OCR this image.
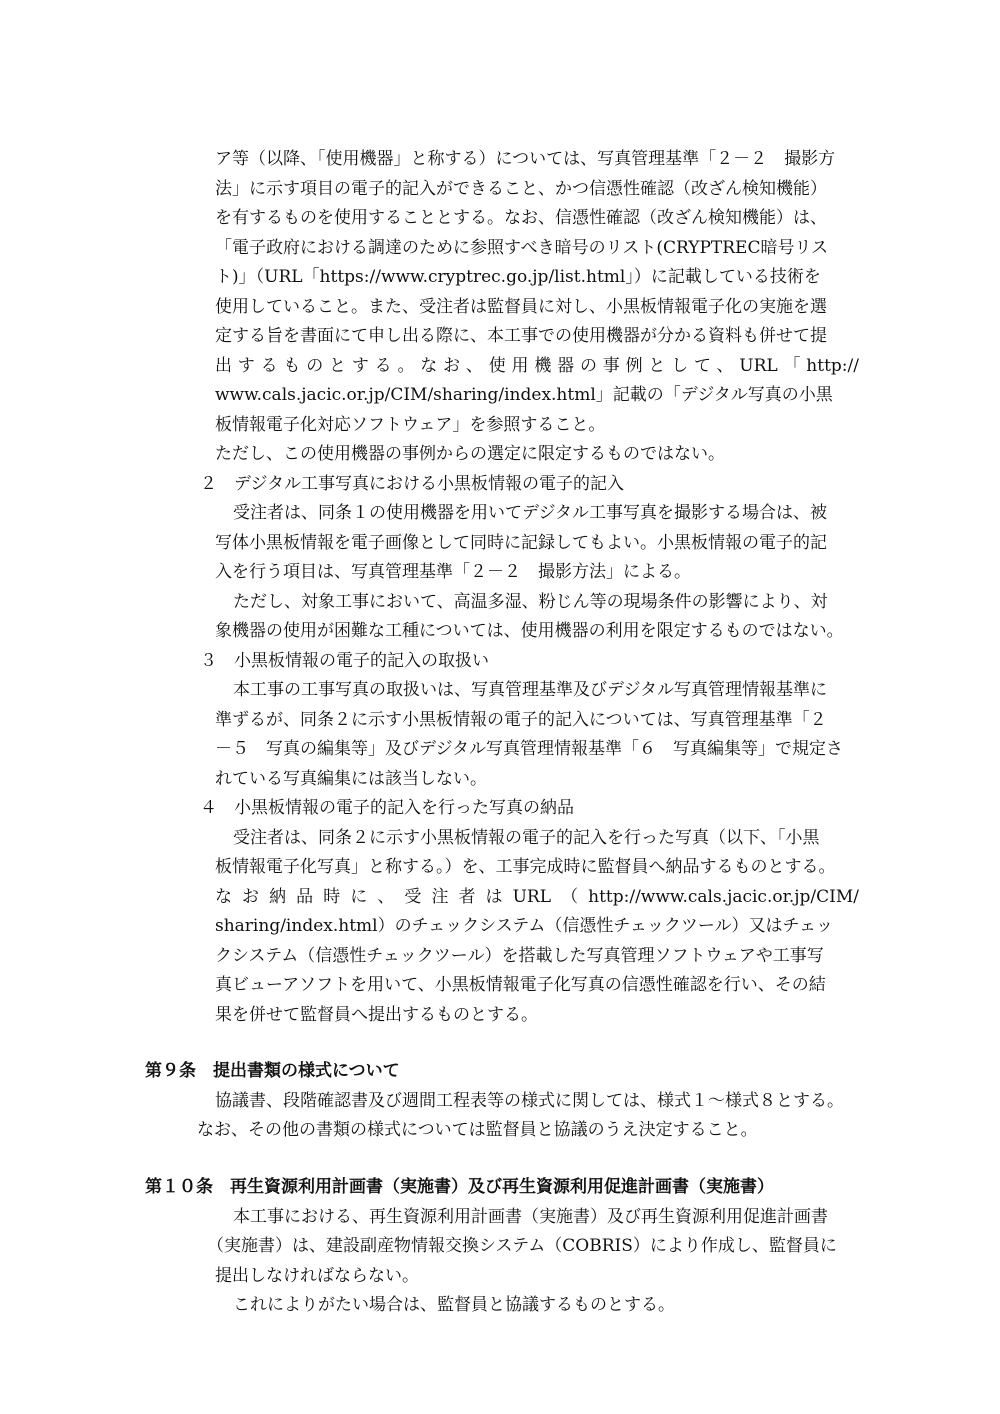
ア等（以降、「使用機器」と称する）については、写真管理基準「２－２　撮影方
法」に示す項目の電子的記入ができること、かつ信憑性確認（改ざん検知機能）
を有するものを使用することとする。なお、信憑性確認（改ざん検知機能）は、
「電子政府における調達のために参照すべき暗号のリスト(CRYPTREC暗号リス
ト)」（URL「https://www.cryptrec.go.jp/list.html」）に記載している技術を
使用していること。また、受注者は監督員に対し、小黒板情報電子化の実施を選
定する旨を書面にて申し出る際に、本工事での使用機器が分かる資料も併せて提
出するものとする。なお、使用機器の事例として、URL「http://
www.cals.jacic.or.jp/CIM/sharing/index.html」記載の「デジタル写真の小黒
板情報電子化対応ソフトウェア」を参照すること。
ただし、この使用機器の事例からの選定に限定するものではない。
２　デジタル工事写真における小黒板情報の電子的記入
受注者は、同条１の使用機器を用いてデジタル工事写真を撮影する場合は、被
写体小黒板情報を電子画像として同時に記録してもよい。小黒板情報の電子的記
入を行う項目は、写真管理基準「２－２　撮影方法」による。
ただし、対象工事において、高温多湿、粉じん等の現場条件の影響により、対
象機器の使用が困難な工種については、使用機器の利用を限定するものではない。
３　小黒板情報の電子的記入の取扱い
本工事の工事写真の取扱いは、写真管理基準及びデジタル写真管理情報基準に
準ずるが、同条２に示す小黒板情報の電子的記入については、写真管理基準「２
－５　写真の編集等」及びデジタル写真管理情報基準「６　写真編集等」で規定さ
れている写真編集には該当しない。
４　小黒板情報の電子的記入を行った写真の納品
受注者は、同条２に示す小黒板情報の電子的記入を行った写真（以下、「小黒
板情報電子化写真」と称する。）を、工事完成時に監督員へ納品するものとする。
なお納品時に、受注者はURL（http://www.cals.jacic.or.jp/CIM/
sharing/index.html）のチェックシステム（信憑性チェックツール）又はチェッ
クシステム（信憑性チェックツール）を搭載した写真管理ソフトウェアや工事写
真ビューアソフトを用いて、小黒板情報電子化写真の信憑性確認を行い、その結
果を併せて監督員へ提出するものとする。
第９条　提出書類の様式について
協議書、段階確認書及び週間工程表等の様式に関しては、様式１～様式８とする。
なお、その他の書類の様式については監督員と協議のうえ決定すること。
第１０条　再生資源利用計画書（実施書）及び再生資源利用促進計画書（実施書）
本工事における、再生資源利用計画書（実施書）及び再生資源利用促進計画書
（実施書）は、建設副産物情報交換システム（COBRIS）により作成し、監督員に
提出しなければならない。
これによりがたい場合は、監督員と協議するものとする。
